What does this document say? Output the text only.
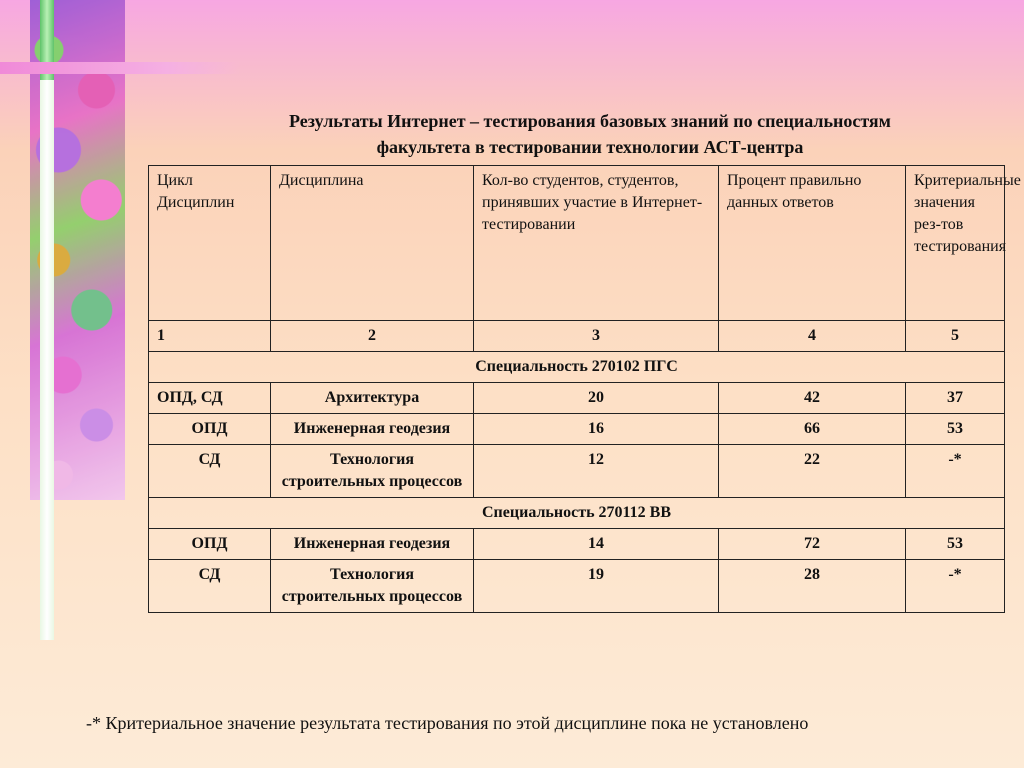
Результаты Интернет – тестирования базовых знаний по специальностям
факультета в тестировании технологии АСТ-центра
Цикл Дисциплин	Дисциплина	Кол-во студентов, студентов, принявших участие в Интернет-тестировании	Процент правильно данных ответов	Критериальные значения рез-тов тестирования
1	2	3	4	5
Специальность 270102 ПГС				
ОПД, СД	Архитектура	20	42	37
ОПД	Инженерная геодезия	16	66	53
СД	Технология строительных процессов	12	22	-*
Специальность 270112 ВВ				
ОПД	Инженерная геодезия	14	72	53
СД	Технология строительных процессов	19	28	-*
-* Критериальное значение результата тестирования по этой дисциплине пока не установлено
